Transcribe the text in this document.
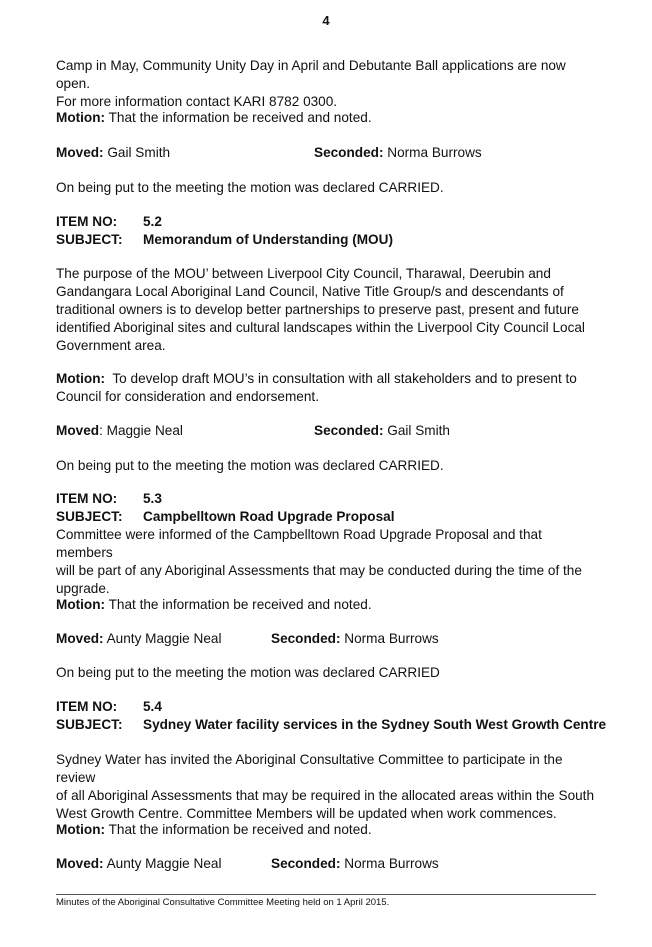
4
Camp in May, Community Unity Day in April and Debutante Ball applications are now open.
For more information contact KARI 8782 0300.
Motion: That the information be received and noted.
Moved: Gail Smith	Seconded: Norma Burrows
On being put to the meeting the motion was declared CARRIED.
ITEM NO: 5.2
SUBJECT: Memorandum of Understanding (MOU)
The purpose of the MOU’ between Liverpool City Council, Tharawal, Deerubin and
Gandangara Local Aboriginal Land Council, Native Title Group/s and descendants of
traditional owners is to develop better partnerships to preserve past, present and future
identified Aboriginal sites and cultural landscapes within the Liverpool City Council Local
Government area.
Motion:  To develop draft MOU’s in consultation with all stakeholders and to present to
Council for consideration and endorsement.
Moved: Maggie Neal	Seconded: Gail Smith
On being put to the meeting the motion was declared CARRIED.
ITEM NO: 5.3
SUBJECT: Campbelltown Road Upgrade Proposal
Committee were informed of the Campbelltown Road Upgrade Proposal and that members
will be part of any Aboriginal Assessments that may be conducted during the time of the
upgrade.
Motion: That the information be received and noted.
Moved: Aunty Maggie Neal	Seconded: Norma Burrows
On being put to the meeting the motion was declared CARRIED
ITEM NO: 5.4
SUBJECT: Sydney Water facility services in the Sydney South West Growth Centre
Sydney Water has invited the Aboriginal Consultative Committee to participate in the review
of all Aboriginal Assessments that may be required in the allocated areas within the South
West Growth Centre. Committee Members will be updated when work commences.
Motion: That the information be received and noted.
Moved: Aunty Maggie Neal	Seconded: Norma Burrows
Minutes of the Aboriginal Consultative Committee Meeting held on 1 April 2015.
